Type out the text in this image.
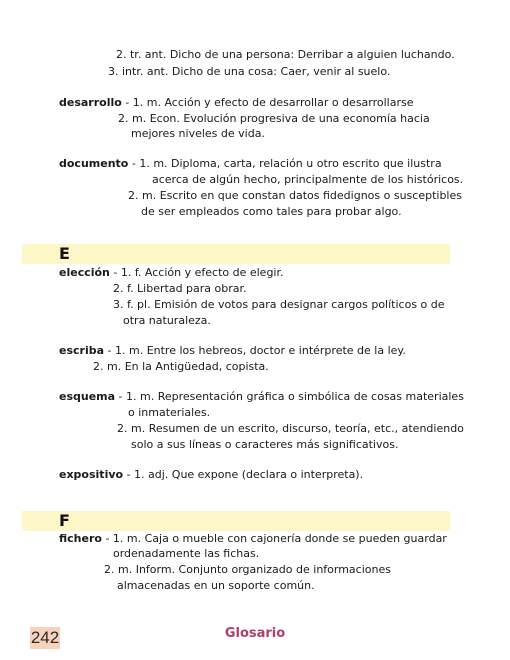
2. tr. ant. Dicho de una persona: Derribar a alguien luchando.
3. intr. ant. Dicho de una cosa: Caer, venir al suelo.
desarrollo - 1. m. Acción y efecto de desarrollar o desarrollarse
2. m. Econ. Evolución progresiva de una economía hacia
mejores niveles de vida.
documento - 1. m. Diploma, carta, relación u otro escrito que ilustra
acerca de algún hecho, principalmente de los históricos.
2. m. Escrito en que constan datos fidedignos o susceptibles
de ser empleados como tales para probar algo.
E
elección - 1. f. Acción y efecto de elegir.
2. f. Libertad para obrar.
3. f. pl. Emisión de votos para designar cargos políticos o de
otra naturaleza.
escriba - 1. m. Entre los hebreos, doctor e intérprete de la ley.
2. m. En la Antigüedad, copista.
esquema - 1. m. Representación gráfica o simbólica de cosas materiales
o inmateriales.
2. m. Resumen de un escrito, discurso, teoría, etc., atendiendo
solo a sus líneas o caracteres más significativos.
expositivo - 1. adj. Que expone (declara o interpreta).
F
fichero - 1. m. Caja o mueble con cajonería donde se pueden guardar
ordenadamente las fichas.
2. m. Inform. Conjunto organizado de informaciones
almacenadas en un soporte común.
242	Glosario
